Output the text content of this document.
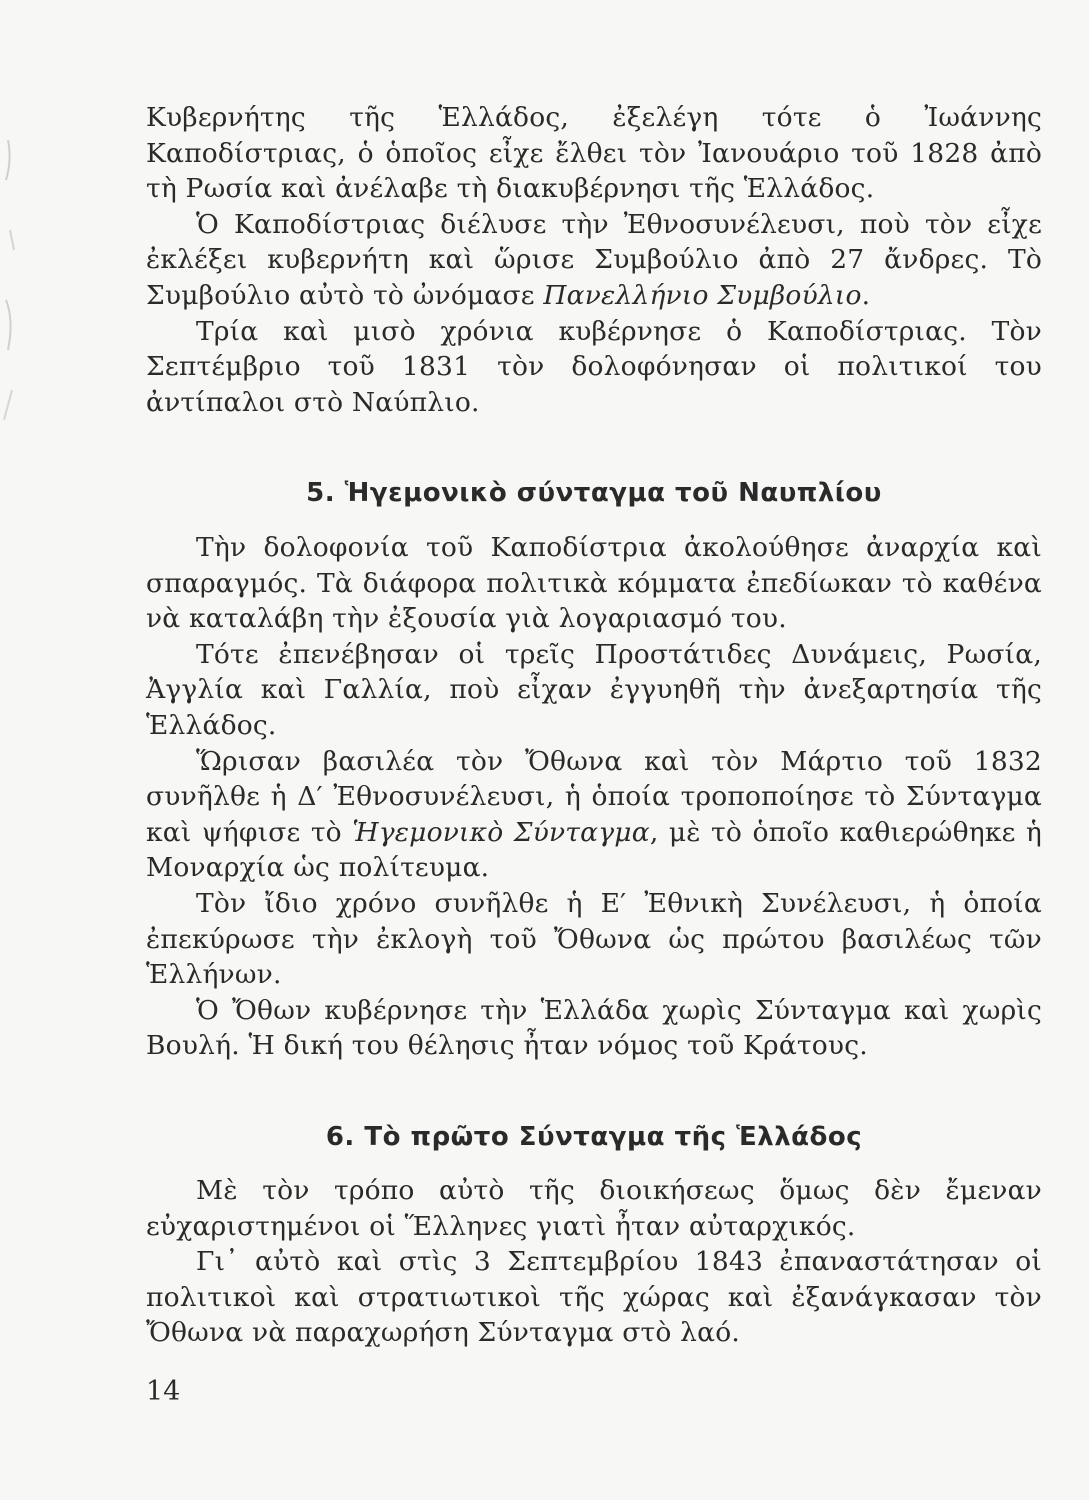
Κυβερνήτης τῆς Ἑλλάδος, ἐξελέγη τότε ὁ Ἰωάννης Καποδίστριας, ὁ ὁποῖος εἶχε ἔλθει τὸν Ἰανουάριο τοῦ 1828 ἀπὸ τὴ Ρωσία καὶ ἀνέλαβε τὴ διακυβέρνησι τῆς Ἑλλάδος.

Ὁ Καποδίστριας διέλυσε τὴν Ἐθνοσυνέλευσι, ποὺ τὸν εἶχε ἐκλέξει κυβερνήτη καὶ ὥρισε Συμβούλιο ἀπὸ 27 ἄνδρες. Τὸ Συμβούλιο αὐτὸ τὸ ὠνόμασε Πανελλήνιο Συμβούλιο.

Τρία καὶ μισὸ χρόνια κυβέρνησε ὁ Καποδίστριας. Τὸν Σεπτέμβριο τοῦ 1831 τὸν δολοφόνησαν οἱ πολιτικοί του ἀντίπαλοι στὸ Ναύπλιο.

5. Ἡγεμονικὸ σύνταγμα τοῦ Ναυπλίου

Τὴν δολοφονία τοῦ Καποδίστρια ἀκολούθησε ἀναρχία καὶ σπαραγμός. Τὰ διάφορα πολιτικὰ κόμματα ἐπεδίωκαν τὸ καθένα νὰ καταλάβη τὴν ἐξουσία γιὰ λογαριασμό του.

Τότε ἐπενέβησαν οἱ τρεῖς Προστάτιδες Δυνάμεις, Ρωσία, Ἀγγλία καὶ Γαλλία, ποὺ εἶχαν ἐγγυηθῆ τὴν ἀνεξαρτησία τῆς Ἑλλάδος.

Ὥρισαν βασιλέα τὸν Ὄθωνα καὶ τὸν Μάρτιο τοῦ 1832 συνῆλθε ἡ Δ′ Ἐθνοσυνέλευσι, ἡ ὁποία τροποποίησε τὸ Σύνταγμα καὶ ψήφισε τὸ Ἡγεμονικὸ Σύνταγμα, μὲ τὸ ὁποῖο καθιερώθηκε ἡ Μοναρχία ὡς πολίτευμα.

Τὸν ἴδιο χρόνο συνῆλθε ἡ Ε′ Ἐθνικὴ Συνέλευσι, ἡ ὁποία ἐπεκύρωσε τὴν ἐκλογὴ τοῦ Ὄθωνα ὡς πρώτου βασιλέως τῶν Ἑλλήνων.

Ὁ Ὄθων κυβέρνησε τὴν Ἑλλάδα χωρὶς Σύνταγμα καὶ χωρὶς Βουλή. Ἡ δική του θέλησις ἦταν νόμος τοῦ Κράτους.

6. Τὸ πρῶτο Σύνταγμα τῆς Ἑλλάδος

Μὲ τὸν τρόπο αὐτὸ τῆς διοικήσεως ὅμως δὲν ἔμεναν εὐχαριστημένοι οἱ Ἕλληνες γιατὶ ἦταν αὐταρχικός.

Γι᾿ αὐτὸ καὶ στὶς 3 Σεπτεμβρίου 1843 ἐπαναστάτησαν οἱ πολιτικοὶ καὶ στρατιωτικοὶ τῆς χώρας καὶ ἐξανάγκασαν τὸν Ὄθωνα νὰ παραχωρήση Σύνταγμα στὸ λαό.

14
